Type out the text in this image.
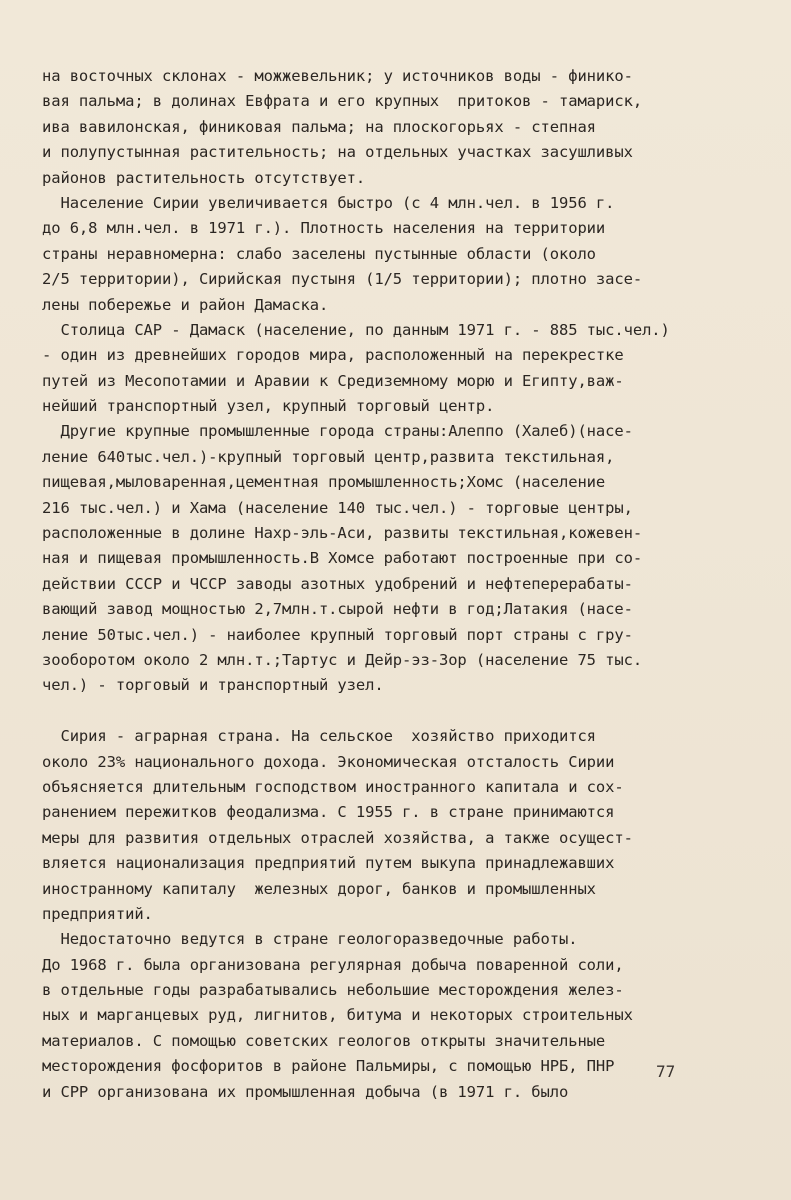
на восточных склонах - можжевельник; у источников воды - финико-
вая пальма; в долинах Евфрата и его крупных  притоков - тамариск,
ива вавилонская, финиковая пальма; на плоскогорьях - степная
и полупустынная растительность; на отдельных участках засушливых
районов растительность отсутствует.
Население Сирии увеличивается быстро (с 4 млн.чел. в 1956 г.
до 6,8 млн.чел. в 1971 г.). Плотность населения на территории
страны неравномерна: слабо заселены пустынные области (около
2/5 территории), Сирийская пустыня (1/5 территории); плотно засе-
лены побережье и район Дамаска.
Столица САР - Дамаск (население, по данным 1971 г. - 885 тыс.чел.)
- один из древнейших городов мира, расположенный на перекрестке
путей из Месопотамии и Аравии к Средиземному морю и Египту,важ-
нейший транспортный узел, крупный торговый центр.
Другие крупные промышленные города страны:Алеппо (Халеб)(насе-
ление 640тыс.чел.)-крупный торговый центр,развита текстильная,
пищевая,мыловаренная,цементная промышленность;Хомс (население
216 тыс.чел.) и Хама (население 140 тыс.чел.) - торговые центры,
расположенные в долине Нахр-эль-Аси, развиты текстильная,кожевен-
ная и пищевая промышленность.В Хомсе работают построенные при со-
действии СССР и ЧССР заводы азотных удобрений и нефтеперерабаты-
вающий завод мощностью 2,7млн.т.сырой нефти в год;Латакия (насе-
ление 50тыс.чел.) - наиболее крупный торговый порт страны с гру-
зооборотом около 2 млн.т.;Тартус и Дейр-эз-Зор (население 75 тыс.
чел.) - торговый и транспортный узел.
Сирия - аграрная страна. На сельское  хозяйство приходится
около 23% национального дохода. Экономическая отсталость Сирии
объясняется длительным господством иностранного капитала и сох-
ранением пережитков феодализма. С 1955 г. в стране принимаются
меры для развития отдельных отраслей хозяйства, а также осущест-
вляется национализация предприятий путем выкупа принадлежавших
иностранному капиталу  железных дорог, банков и промышленных
предприятий.
Недостаточно ведутся в стране геологоразведочные работы.
До 1968 г. была организована регулярная добыча поваренной соли,
в отдельные годы разрабатывались небольшие месторождения желез-
ных и марганцевых руд, лигнитов, битума и некоторых строительных
материалов. С помощью советских геологов открыты значительные
месторождения фосфоритов в районе Пальмиры, с помощью НРБ, ПНР
и СРР организована их промышленная добыча (в 1971 г. было
77
